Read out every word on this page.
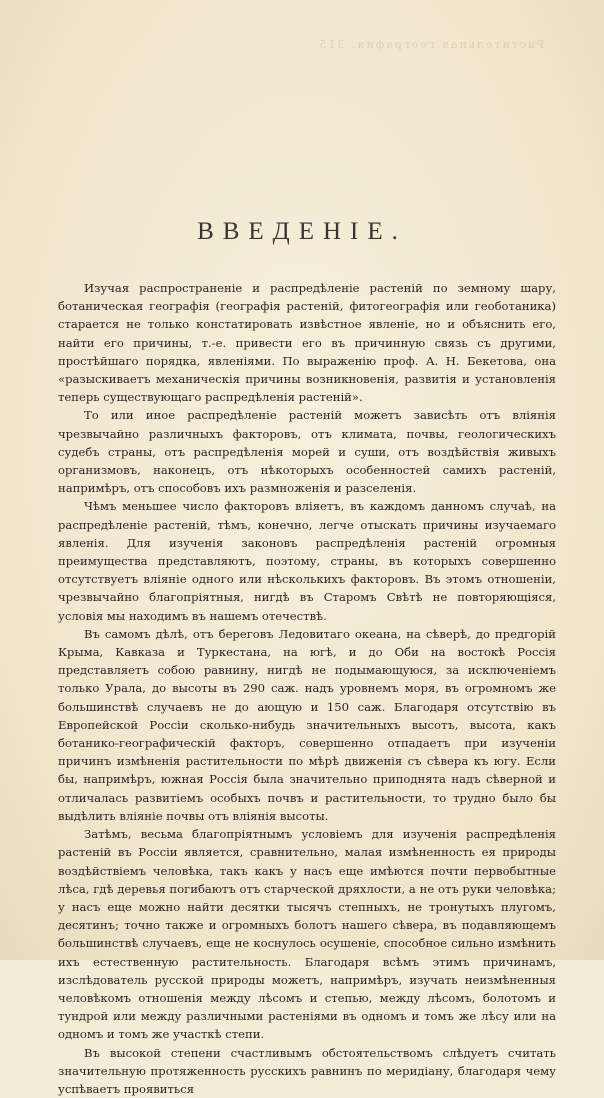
Растительная география. 315
ВВЕДЕНІЕ.

Изучая распространеніе и распредѣленіе растеній по земному шару, ботаническая географія (географія растеній, фитогеографія или геоботаника) старается не только констатировать извѣстное явленіе, но и объяснить его, найти его причины, т.-е. привести его въ причинную связь съ другими, простѣйшаго порядка, явленіями. По выраженію проф. А. Н. Бекетова, она «разыскиваетъ механическія причины возникновенія, развитія и установленія теперь существующаго распредѣленія растеній».

То или иное распредѣленіе растеній можетъ зависѣть отъ вліянія чрезвычайно различныхъ факторовъ, отъ климата, почвы, геологическихъ судебъ страны, отъ распредѣленія морей и суши, отъ воздѣйствія живыхъ организмовъ, наконецъ, отъ нѣкоторыхъ особенностей самихъ растеній, напримѣръ, отъ способовъ ихъ размноженія и разселенія.

Чѣмъ меньшее число факторовъ вліяетъ, въ каждомъ данномъ случаѣ, на распредѣленіе растеній, тѣмъ, конечно, легче отыскать причины изучаемаго явленія. Для изученія законовъ распредѣленія растеній огромныя преимущества представляютъ, поэтому, страны, въ которыхъ совершенно отсутствуетъ вліяніе одного или нѣсколькихъ факторовъ. Въ этомъ отношеніи, чрезвычайно благопріятныя, нигдѣ въ Старомъ Свѣтѣ не повторяющіяся, условія мы находимъ въ нашемъ отечествѣ.

Въ самомъ дѣлѣ, отъ береговъ Ледовитаго океана, на сѣверѣ, до предгорій Крыма, Кавказа и Туркестана, на югѣ, и до Оби на востокѣ Россія представляетъ собою равнину, нигдѣ не подымающуюся, за исключеніемъ только Урала, до высоты въ 290 саж. надъ уровнемъ моря, въ огромномъ же большинствѣ случаевъ не до ающую и 150 саж. Благодаря отсутствію въ Европейской Россіи сколько-нибудь значительныхъ высотъ, высота, какъ ботанико-географическій факторъ, совершенно отпадаетъ при изученіи причинъ измѣненія растительности по мѣрѣ движенія съ сѣвера къ югу. Если бы, напримѣръ, южная Россія была значительно приподнята надъ сѣверной и отличалась развитіемъ особыхъ почвъ и растительности, то трудно было бы выдѣлить вліяніе почвы отъ вліянія высоты.

Затѣмъ, весьма благопріятнымъ условіемъ для изученія распредѣленія растеній въ Россіи является, сравнительно, малая измѣненность ея природы воздѣйствіемъ человѣка, такъ какъ у насъ еще имѣются почти первобытные лѣса, гдѣ деревья погибаютъ отъ старческой дряхлости, а не отъ руки человѣка; у насъ еще можно найти десятки тысячъ степныхъ, не тронутыхъ плугомъ, десятинъ; точно также и огромныхъ болотъ нашего сѣвера, въ подавляющемъ большинствѣ случаевъ, еще не коснулось осушеніе, способное сильно измѣнить ихъ естественную растительность. Благодаря всѣмъ этимъ причинамъ, изслѣдователь русской природы можетъ, напримѣръ, изучать неизмѣненныя человѣкомъ отношенія между лѣсомъ и степью, между лѣсомъ, болотомъ и тундрой или между различными растеніями въ одномъ и томъ же лѣсу или на одномъ и томъ же участкѣ степи.

Въ высокой степени счастливымъ обстоятельствомъ слѣдуетъ считать значительную протяженность русскихъ равнинъ по меридіану, благодаря чему успѣваетъ проявиться
